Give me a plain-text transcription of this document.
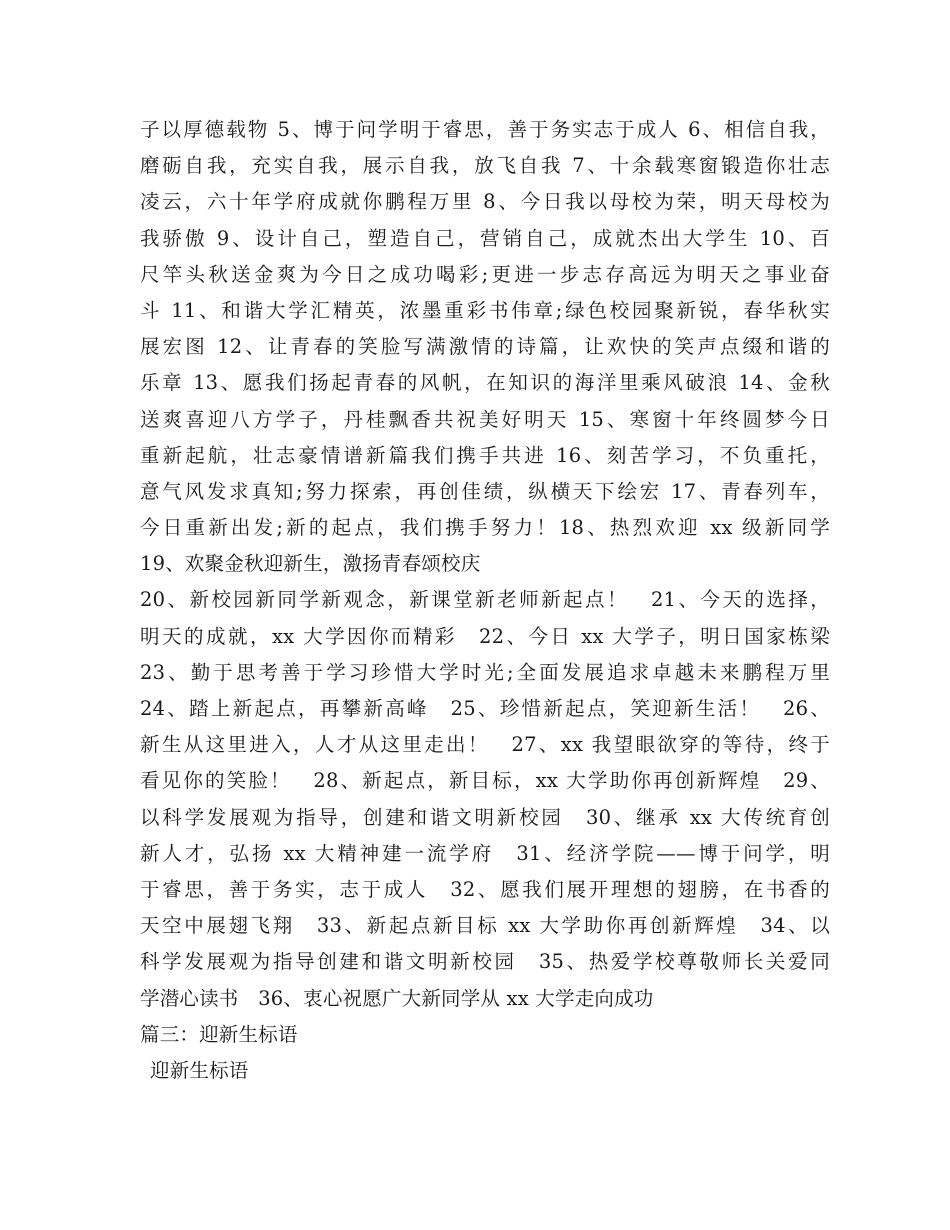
子以厚德载物 5、博于问学明于睿思，善于务实志于成人 6、相信自我，
磨砺自我，充实自我，展示自我，放飞自我 7、十余载寒窗锻造你壮志
凌云，六十年学府成就你鹏程万里 8、今日我以母校为荣，明天母校为
我骄傲 9、设计自己，塑造自己，营销自己，成就杰出大学生 10、百
尺竿头秋送金爽为今日之成功喝彩;更进一步志存高远为明天之事业奋
斗 11、和谐大学汇精英，浓墨重彩书伟章;绿色校园聚新锐，春华秋实
展宏图 12、让青春的笑脸写满激情的诗篇，让欢快的笑声点缀和谐的
乐章 13、愿我们扬起青春的风帆，在知识的海洋里乘风破浪 14、金秋
送爽喜迎八方学子，丹桂飘香共祝美好明天 15、寒窗十年终圆梦今日
重新起航，壮志豪情谱新篇我们携手共进 16、刻苦学习，不负重托，
意气风发求真知;努力探索，再创佳绩，纵横天下绘宏 17、青春列车，
今日重新出发;新的起点，我们携手努力！18、热烈欢迎 xx 级新同学
19、欢聚金秋迎新生，激扬青春颂校庆
20、新校园新同学新观念，新课堂新老师新起点！　21、今天的选择，
明天的成就，xx 大学因你而精彩　22、今日 xx 大学子，明日国家栋梁
23、勤于思考善于学习珍惜大学时光;全面发展追求卓越未来鹏程万里
24、踏上新起点，再攀新高峰　25、珍惜新起点，笑迎新生活！　26、
新生从这里进入，人才从这里走出！　27、xx 我望眼欲穿的等待，终于
看见你的笑脸！　28、新起点，新目标，xx 大学助你再创新辉煌　29、
以科学发展观为指导，创建和谐文明新校园　30、继承 xx 大传统育创
新人才，弘扬 xx 大精神建一流学府　31、经济学院——博于问学，明
于睿思，善于务实，志于成人　32、愿我们展开理想的翅膀，在书香的
天空中展翅飞翔　33、新起点新目标 xx 大学助你再创新辉煌　34、以
科学发展观为指导创建和谐文明新校园　35、热爱学校尊敬师长关爱同
学潜心读书　36、衷心祝愿广大新同学从 xx 大学走向成功
篇三：迎新生标语
迎新生标语
